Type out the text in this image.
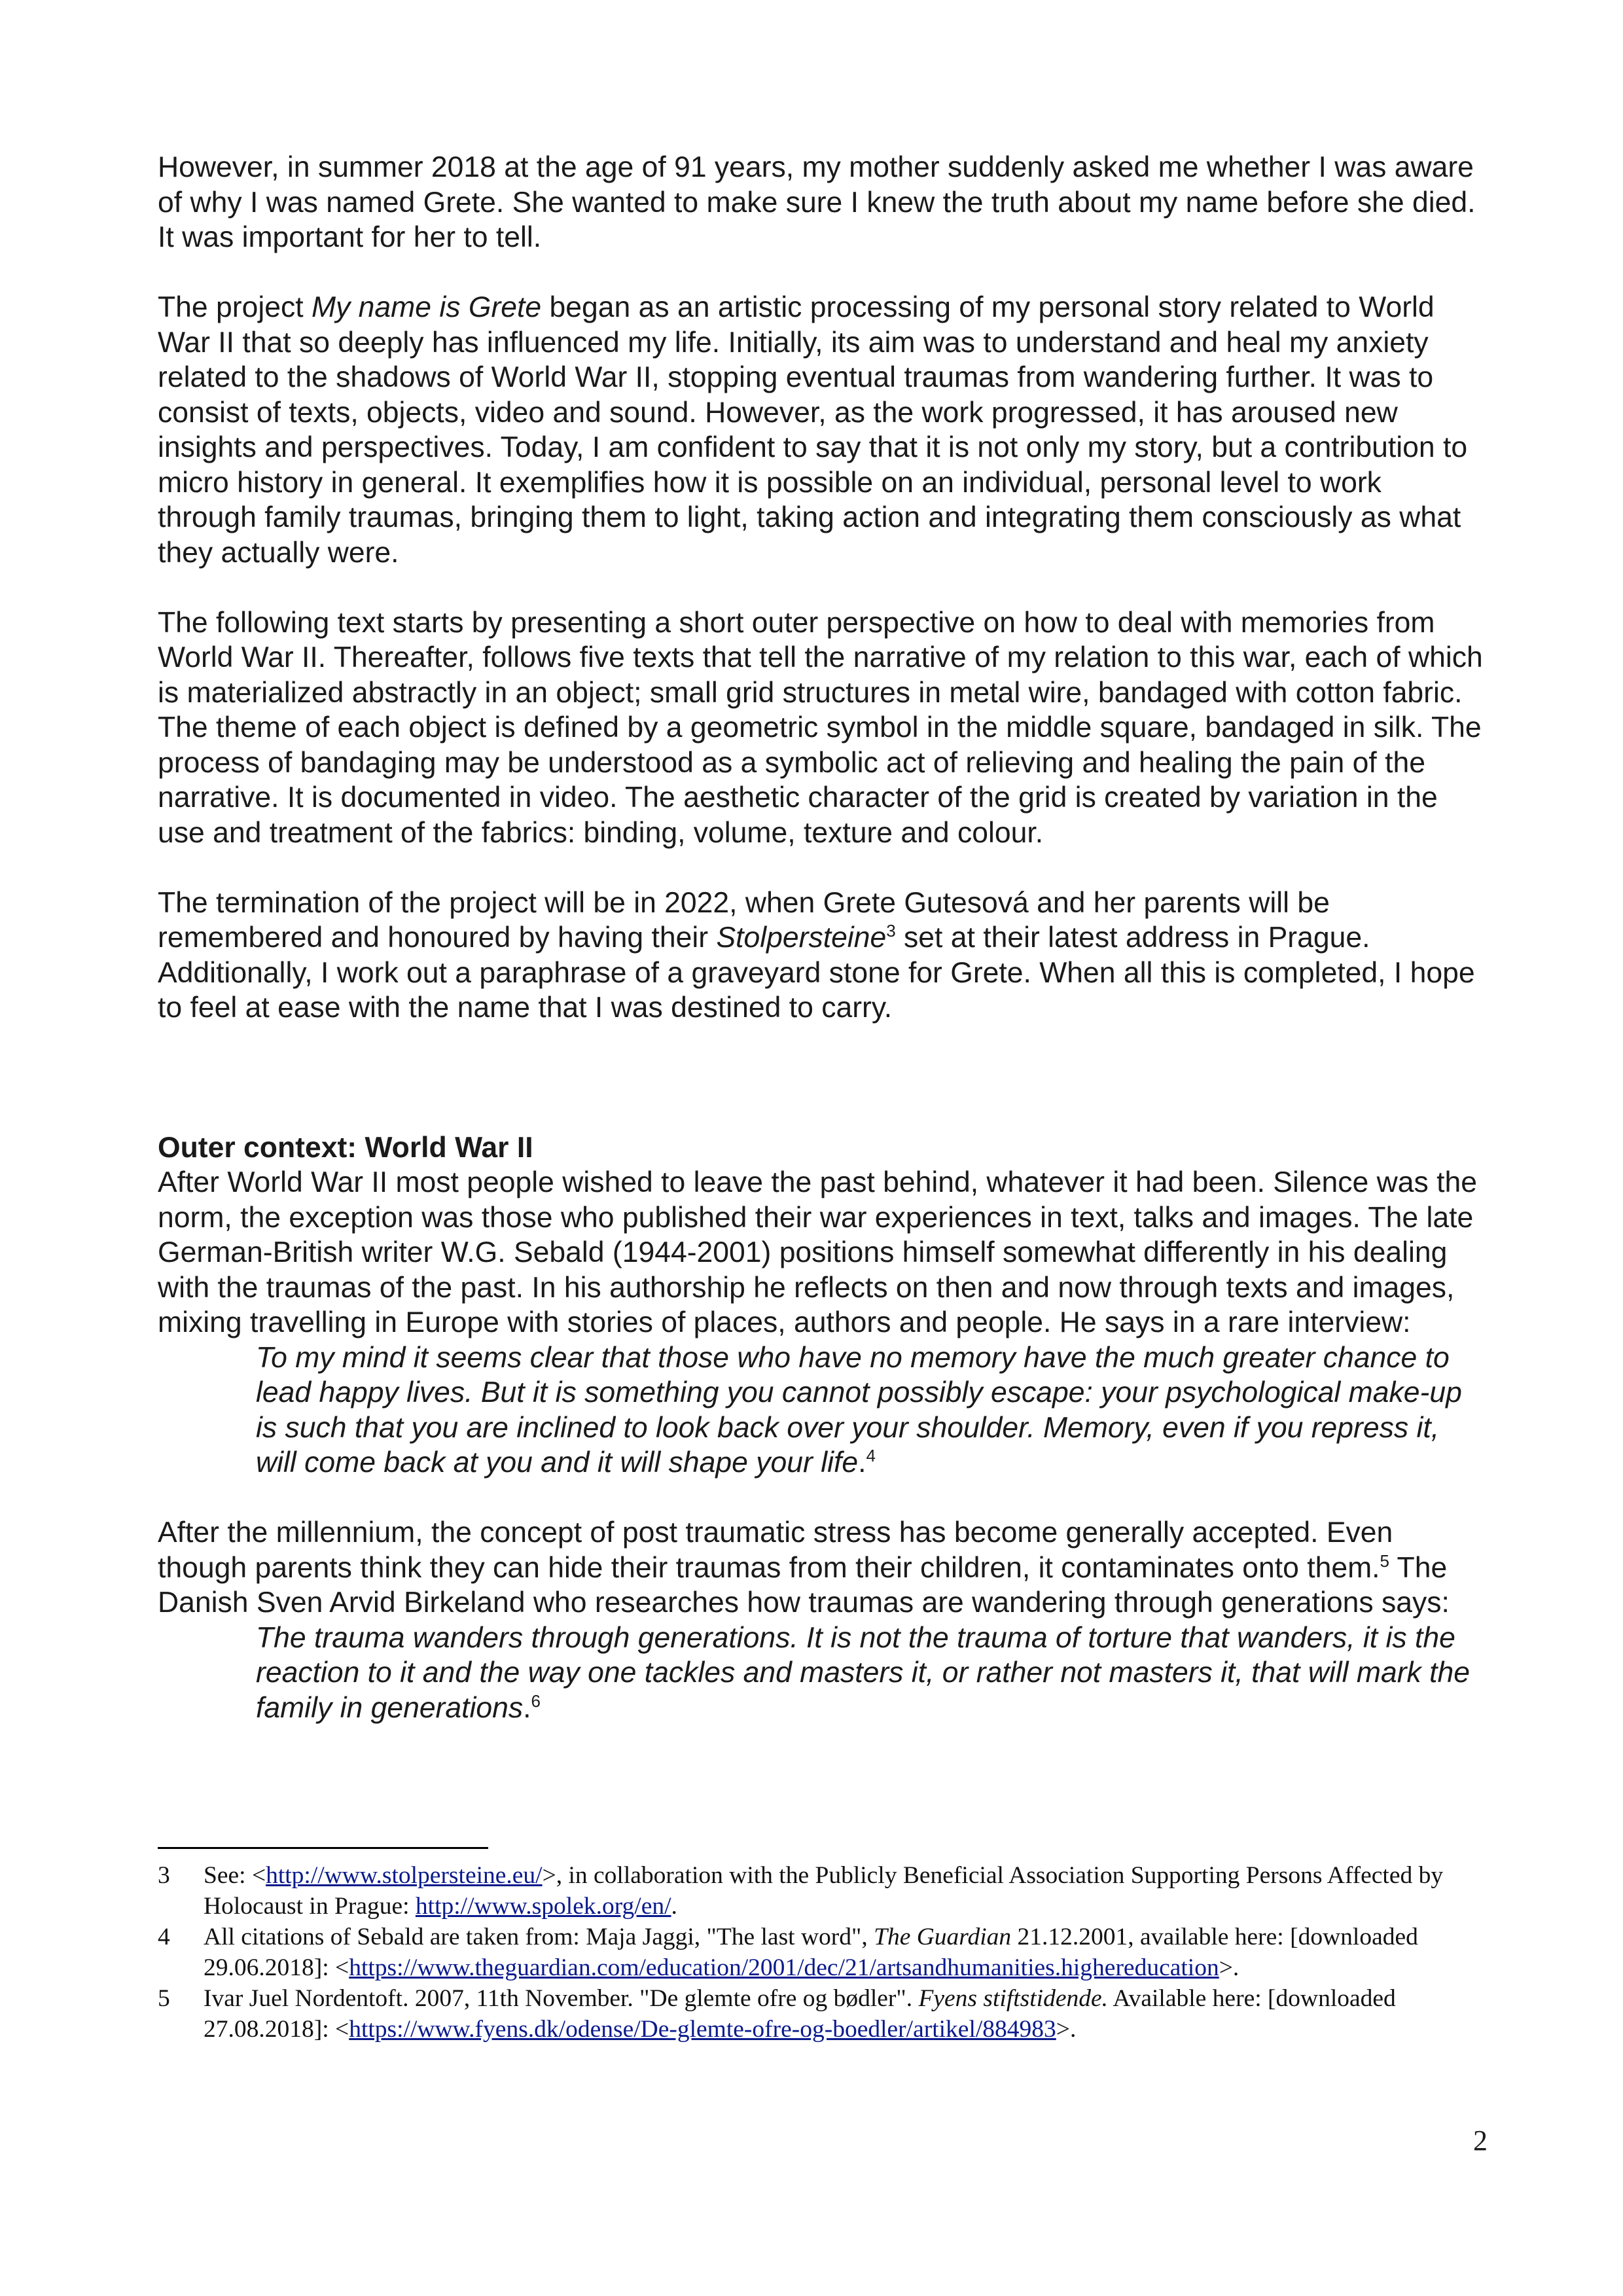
However, in summer 2018 at the age of 91 years, my mother suddenly asked me whether I was aware of why I was named Grete. She wanted to make sure I knew the truth about my name before she died. It was important for her to tell.

The project My name is Grete began as an artistic processing of my personal story related to World War II that so deeply has influenced my life. Initially, its aim was to understand and heal my anxiety related to the shadows of World War II, stopping eventual traumas from wandering further. It was to consist of texts, objects, video and sound. However, as the work progressed, it has aroused new insights and perspectives. Today, I am confident to say that it is not only my story, but a contribution to micro history in general. It exemplifies how it is possible on an individual, personal level to work through family traumas, bringing them to light, taking action and integrating them consciously as what they actually were.

The following text starts by presenting a short outer perspective on how to deal with memories from World War II. Thereafter, follows five texts that tell the narrative of my relation to this war, each of which is materialized abstractly in an object; small grid structures in metal wire, bandaged with cotton fabric. The theme of each object is defined by a geometric symbol in the middle square, bandaged in silk. The process of bandaging may be understood as a symbolic act of relieving and healing the pain of the narrative. It is documented in video. The aesthetic character of the grid is created by variation in the use and treatment of the fabrics: binding, volume, texture and colour.

The termination of the project will be in 2022, when Grete Gutesová and her parents will be remembered and honoured by having their Stolpersteine$^3$ set at their latest address in Prague. Additionally, I work out a paraphrase of a graveyard stone for Grete. When all this is completed, I hope to feel at ease with the name that I was destined to carry.

Outer context: World War II

After World War II most people wished to leave the past behind, whatever it had been. Silence was the norm, the exception was those who published their war experiences in text, talks and images. The late German-British writer W.G. Sebald (1944-2001) positions himself somewhat differently in his dealing with the traumas of the past. In his authorship he reflects on then and now through texts and images, mixing travelling in Europe with stories of places, authors and people. He says in a rare interview:

To my mind it seems clear that those who have no memory have the much greater chance to lead happy lives. But it is something you cannot possibly escape: your psychological make-up is such that you are inclined to look back over your shoulder. Memory, even if you repress it, will come back at you and it will shape your life.$^4$

After the millennium, the concept of post traumatic stress has become generally accepted. Even though parents think they can hide their traumas from their children, it contaminates onto them.$^5$ The Danish Sven Arvid Birkeland who researches how traumas are wandering through generations says:

The trauma wanders through generations. It is not the trauma of torture that wanders, it is the reaction to it and the way one tackles and masters it, or rather not masters it, that will mark the family in generations.$^6$

3	See: <http://www.stolpersteine.eu/>, in collaboration with the Publicly Beneficial Association Supporting Persons Affected by Holocaust in Prague: http://www.spolek.org/en/.

4	All citations of Sebald are taken from: Maja Jaggi, "The last word", The Guardian 21.12.2001, available here: [downloaded 29.06.2018]: <https://www.theguardian.com/education/2001/dec/21/artsandhumanities.highereducation>.

5	Ivar Juel Nordentoft. 2007, 11th November. "De glemte ofre og bødler". Fyens stiftstidende. Available here: [downloaded 27.08.2018]: <https://www.fyens.dk/odense/De-glemte-ofre-og-boedler/artikel/884983>.

2
